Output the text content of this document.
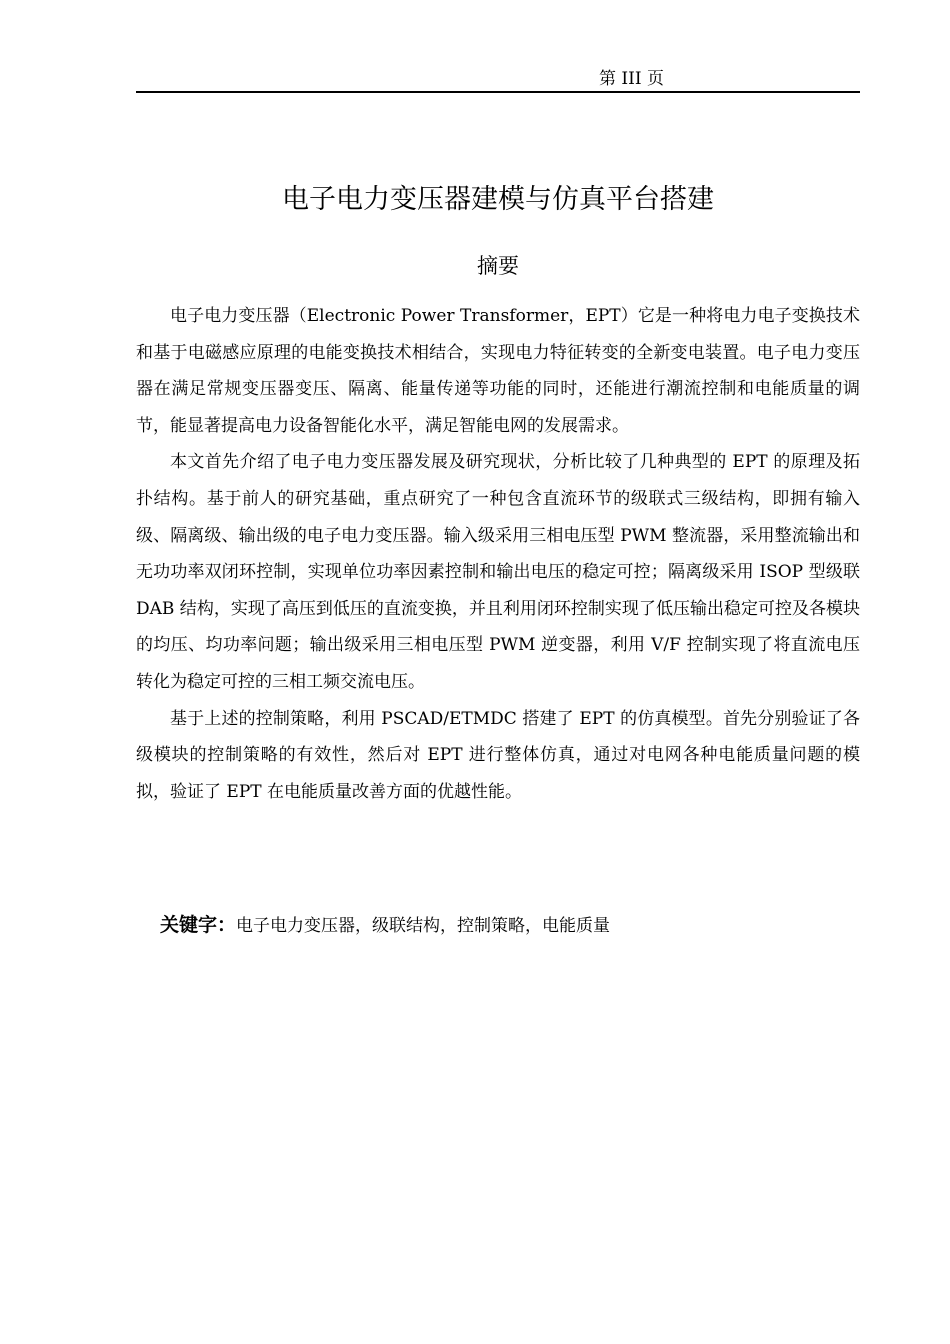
第 III 页
电子电力变压器建模与仿真平台搭建
摘要

电子电力变压器（Electronic Power Transformer，EPT）它是一种将电力电子变换技术和基于电磁感应原理的电能变换技术相结合，实现电力特征转变的全新变电装置。电子电力变压器在满足常规变压器变压、隔离、能量传递等功能的同时，还能进行潮流控制和电能质量的调节，能显著提高电力设备智能化水平，满足智能电网的发展需求。

本文首先介绍了电子电力变压器发展及研究现状，分析比较了几种典型的 EPT 的原理及拓扑结构。基于前人的研究基础，重点研究了一种包含直流环节的级联式三级结构，即拥有输入级、隔离级、输出级的电子电力变压器。输入级采用三相电压型 PWM 整流器，采用整流输出和无功功率双闭环控制，实现单位功率因素控制和输出电压的稳定可控；隔离级采用 ISOP 型级联 DAB 结构，实现了高压到低压的直流变换，并且利用闭环控制实现了低压输出稳定可控及各模块的均压、均功率问题；输出级采用三相电压型 PWM 逆变器，利用 V/F 控制实现了将直流电压转化为稳定可控的三相工频交流电压。

基于上述的控制策略，利用 PSCAD/ETMDC 搭建了 EPT 的仿真模型。首先分别验证了各级模块的控制策略的有效性，然后对 EPT 进行整体仿真，通过对电网各种电能质量问题的模拟，验证了 EPT 在电能质量改善方面的优越性能。

关键字：电子电力变压器，级联结构，控制策略，电能质量
